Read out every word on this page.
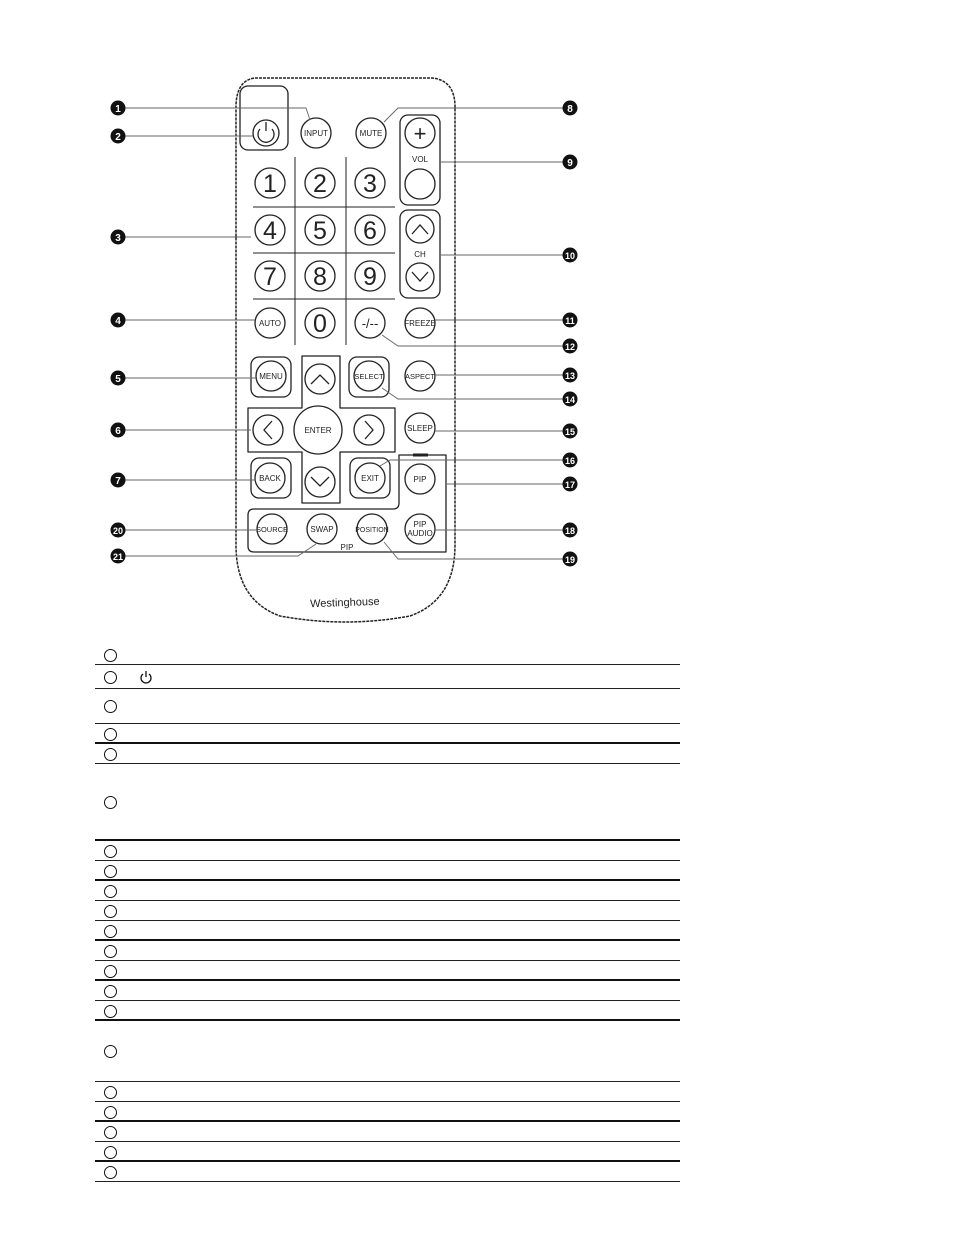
INPUT	MUTE +
VOL
CH
1 2 3
4 5 6
7 8 9
AUTO 0	-/--	FREEZE
MENU
ENTER
SELECT	ASPECT
SLEEP
BACK	EXIT	PIP
SOURCE	SWAP	POSITION
PIP
AUDIO
PIP
Westinghouse
1
2
3
4
5
6
7
20
21
8
9
10
11
12
13
14
15
16
17
18
19
